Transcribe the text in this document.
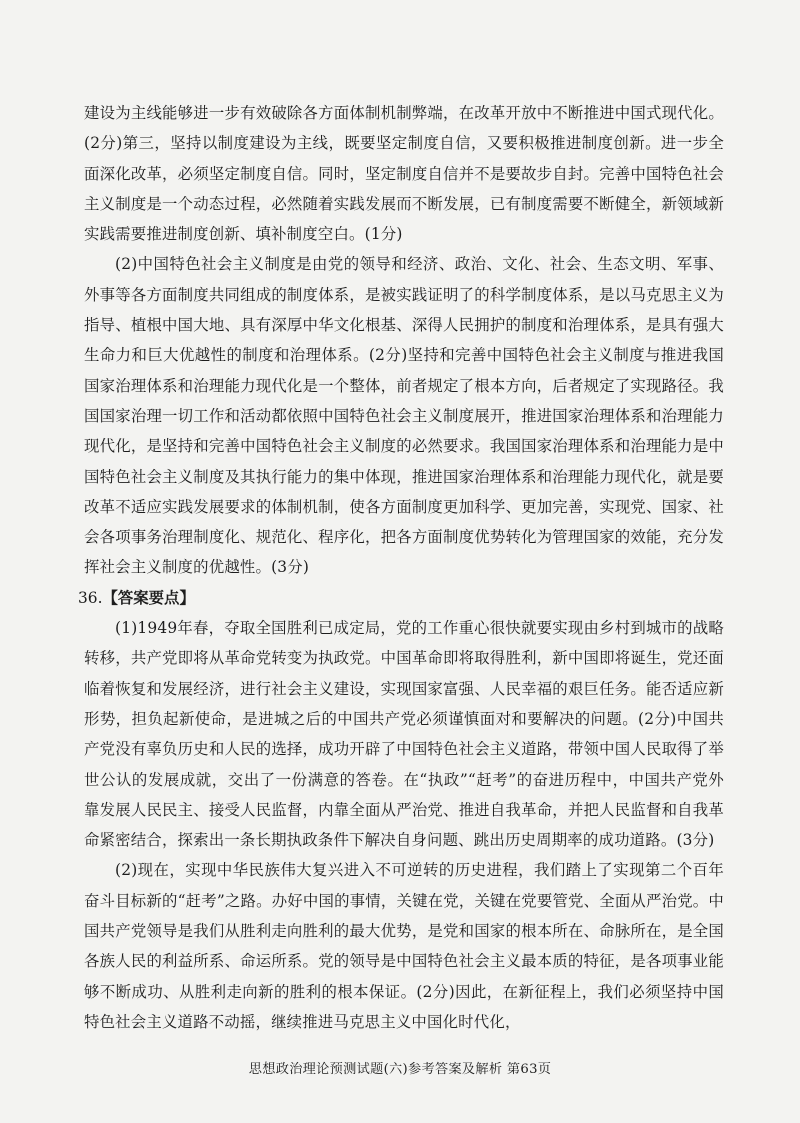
建设为主线能够进一步有效破除各方面体制机制弊端，在改革开放中不断推进中国式现代化。(2分)第三，坚持以制度建设为主线，既要坚定制度自信，又要积极推进制度创新。进一步全面深化改革，必须坚定制度自信。同时，坚定制度自信并不是要故步自封。完善中国特色社会主义制度是一个动态过程，必然随着实践发展而不断发展，已有制度需要不断健全，新领域新实践需要推进制度创新、填补制度空白。(1分)

(2)中国特色社会主义制度是由党的领导和经济、政治、文化、社会、生态文明、军事、外事等各方面制度共同组成的制度体系，是被实践证明了的科学制度体系，是以马克思主义为指导、植根中国大地、具有深厚中华文化根基、深得人民拥护的制度和治理体系，是具有强大生命力和巨大优越性的制度和治理体系。(2分)坚持和完善中国特色社会主义制度与推进我国国家治理体系和治理能力现代化是一个整体，前者规定了根本方向，后者规定了实现路径。我国国家治理一切工作和活动都依照中国特色社会主义制度展开，推进国家治理体系和治理能力现代化，是坚持和完善中国特色社会主义制度的必然要求。我国国家治理体系和治理能力是中国特色社会主义制度及其执行能力的集中体现，推进国家治理体系和治理能力现代化，就是要改革不适应实践发展要求的体制机制，使各方面制度更加科学、更加完善，实现党、国家、社会各项事务治理制度化、规范化、程序化，把各方面制度优势转化为管理国家的效能，充分发挥社会主义制度的优越性。(3分)

36.【答案要点】

(1)1949年春，夺取全国胜利已成定局，党的工作重心很快就要实现由乡村到城市的战略转移，共产党即将从革命党转变为执政党。中国革命即将取得胜利，新中国即将诞生，党还面临着恢复和发展经济，进行社会主义建设，实现国家富强、人民幸福的艰巨任务。能否适应新形势，担负起新使命，是进城之后的中国共产党必须谨慎面对和要解决的问题。(2分)中国共产党没有辜负历史和人民的选择，成功开辟了中国特色社会主义道路，带领中国人民取得了举世公认的发展成就，交出了一份满意的答卷。在“执政”“赶考”的奋进历程中，中国共产党外靠发展人民民主、接受人民监督，内靠全面从严治党、推进自我革命，并把人民监督和自我革命紧密结合，探索出一条长期执政条件下解决自身问题、跳出历史周期率的成功道路。(3分)

(2)现在，实现中华民族伟大复兴进入不可逆转的历史进程，我们踏上了实现第二个百年奋斗目标新的“赶考”之路。办好中国的事情，关键在党，关键在党要管党、全面从严治党。中国共产党领导是我们从胜利走向胜利的最大优势，是党和国家的根本所在、命脉所在，是全国各族人民的利益所系、命运所系。党的领导是中国特色社会主义最本质的特征，是各项事业能够不断成功、从胜利走向新的胜利的根本保证。(2分)因此，在新征程上，我们必须坚持中国特色社会主义道路不动摇，继续推进马克思主义中国化时代化，

思想政治理论预测试题(六)参考答案及解析 第63页
